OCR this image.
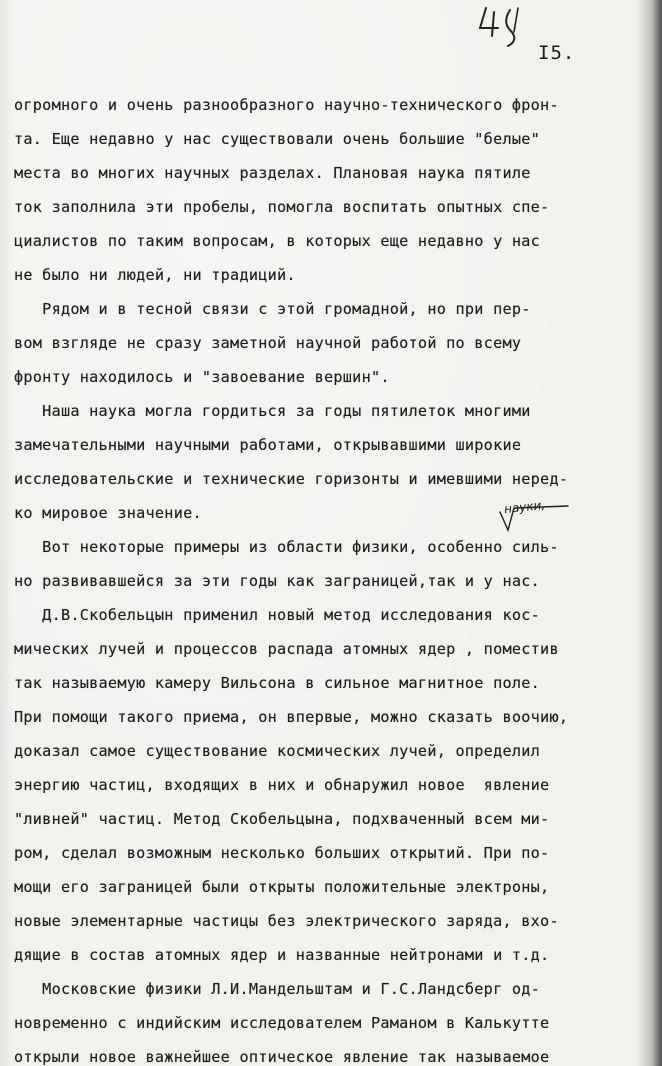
I5.
науки,
огромного и очень разнообразного научно-технического фрон-
та. Еще недавно у нас существовали очень большие "белые"
места во многих научных разделах. Плановая наука пятиле
ток заполнила эти пробелы, помогла воспитать опытных спе-
циалистов по таким вопросам, в которых еще недавно у нас
не было ни людей, ни традиций.
Рядом и в тесной связи с этой громадной, но при пер-
вом взгляде не сразу заметной научной работой по всему
фронту находилось и "завоевание вершин".
Наша наука могла гордиться за годы пятилеток многими
замечательными научными работами, открывавшими широкие
исследовательские и технические горизонты и имевшими неред-
ко мировое значение.
Вот некоторые примеры из области физики, особенно силь-
но развивавшейся за эти годы как заграницей,так и у нас.
Д.В.Скобельцын применил новый метод исследования кос-
мических лучей и процессов распада атомных ядер , поместив
так называемую камеру Вильсона в сильное магнитное поле.
При помощи такого приема, он впервые, можно сказать воочию,
доказал самое существование космических лучей, определил
энергию частиц, входящих в них и обнаружил новое  явление
"ливней" частиц. Метод Скобельцына, подхваченный всем ми-
ром, сделал возможным несколько больших открытий. При по-
мощи его заграницей были открыты положительные электроны,
новые элементарные частицы без электрического заряда, вхо-
дящие в состав атомных ядер и названные нейтронами и т.д.
Московские физики Л.И.Мандельштам и Г.С.Ландсберг од-
новременно с индийским исследователем Раманом в Калькутте
открыли новое важнейшее оптическое явление так называемое
